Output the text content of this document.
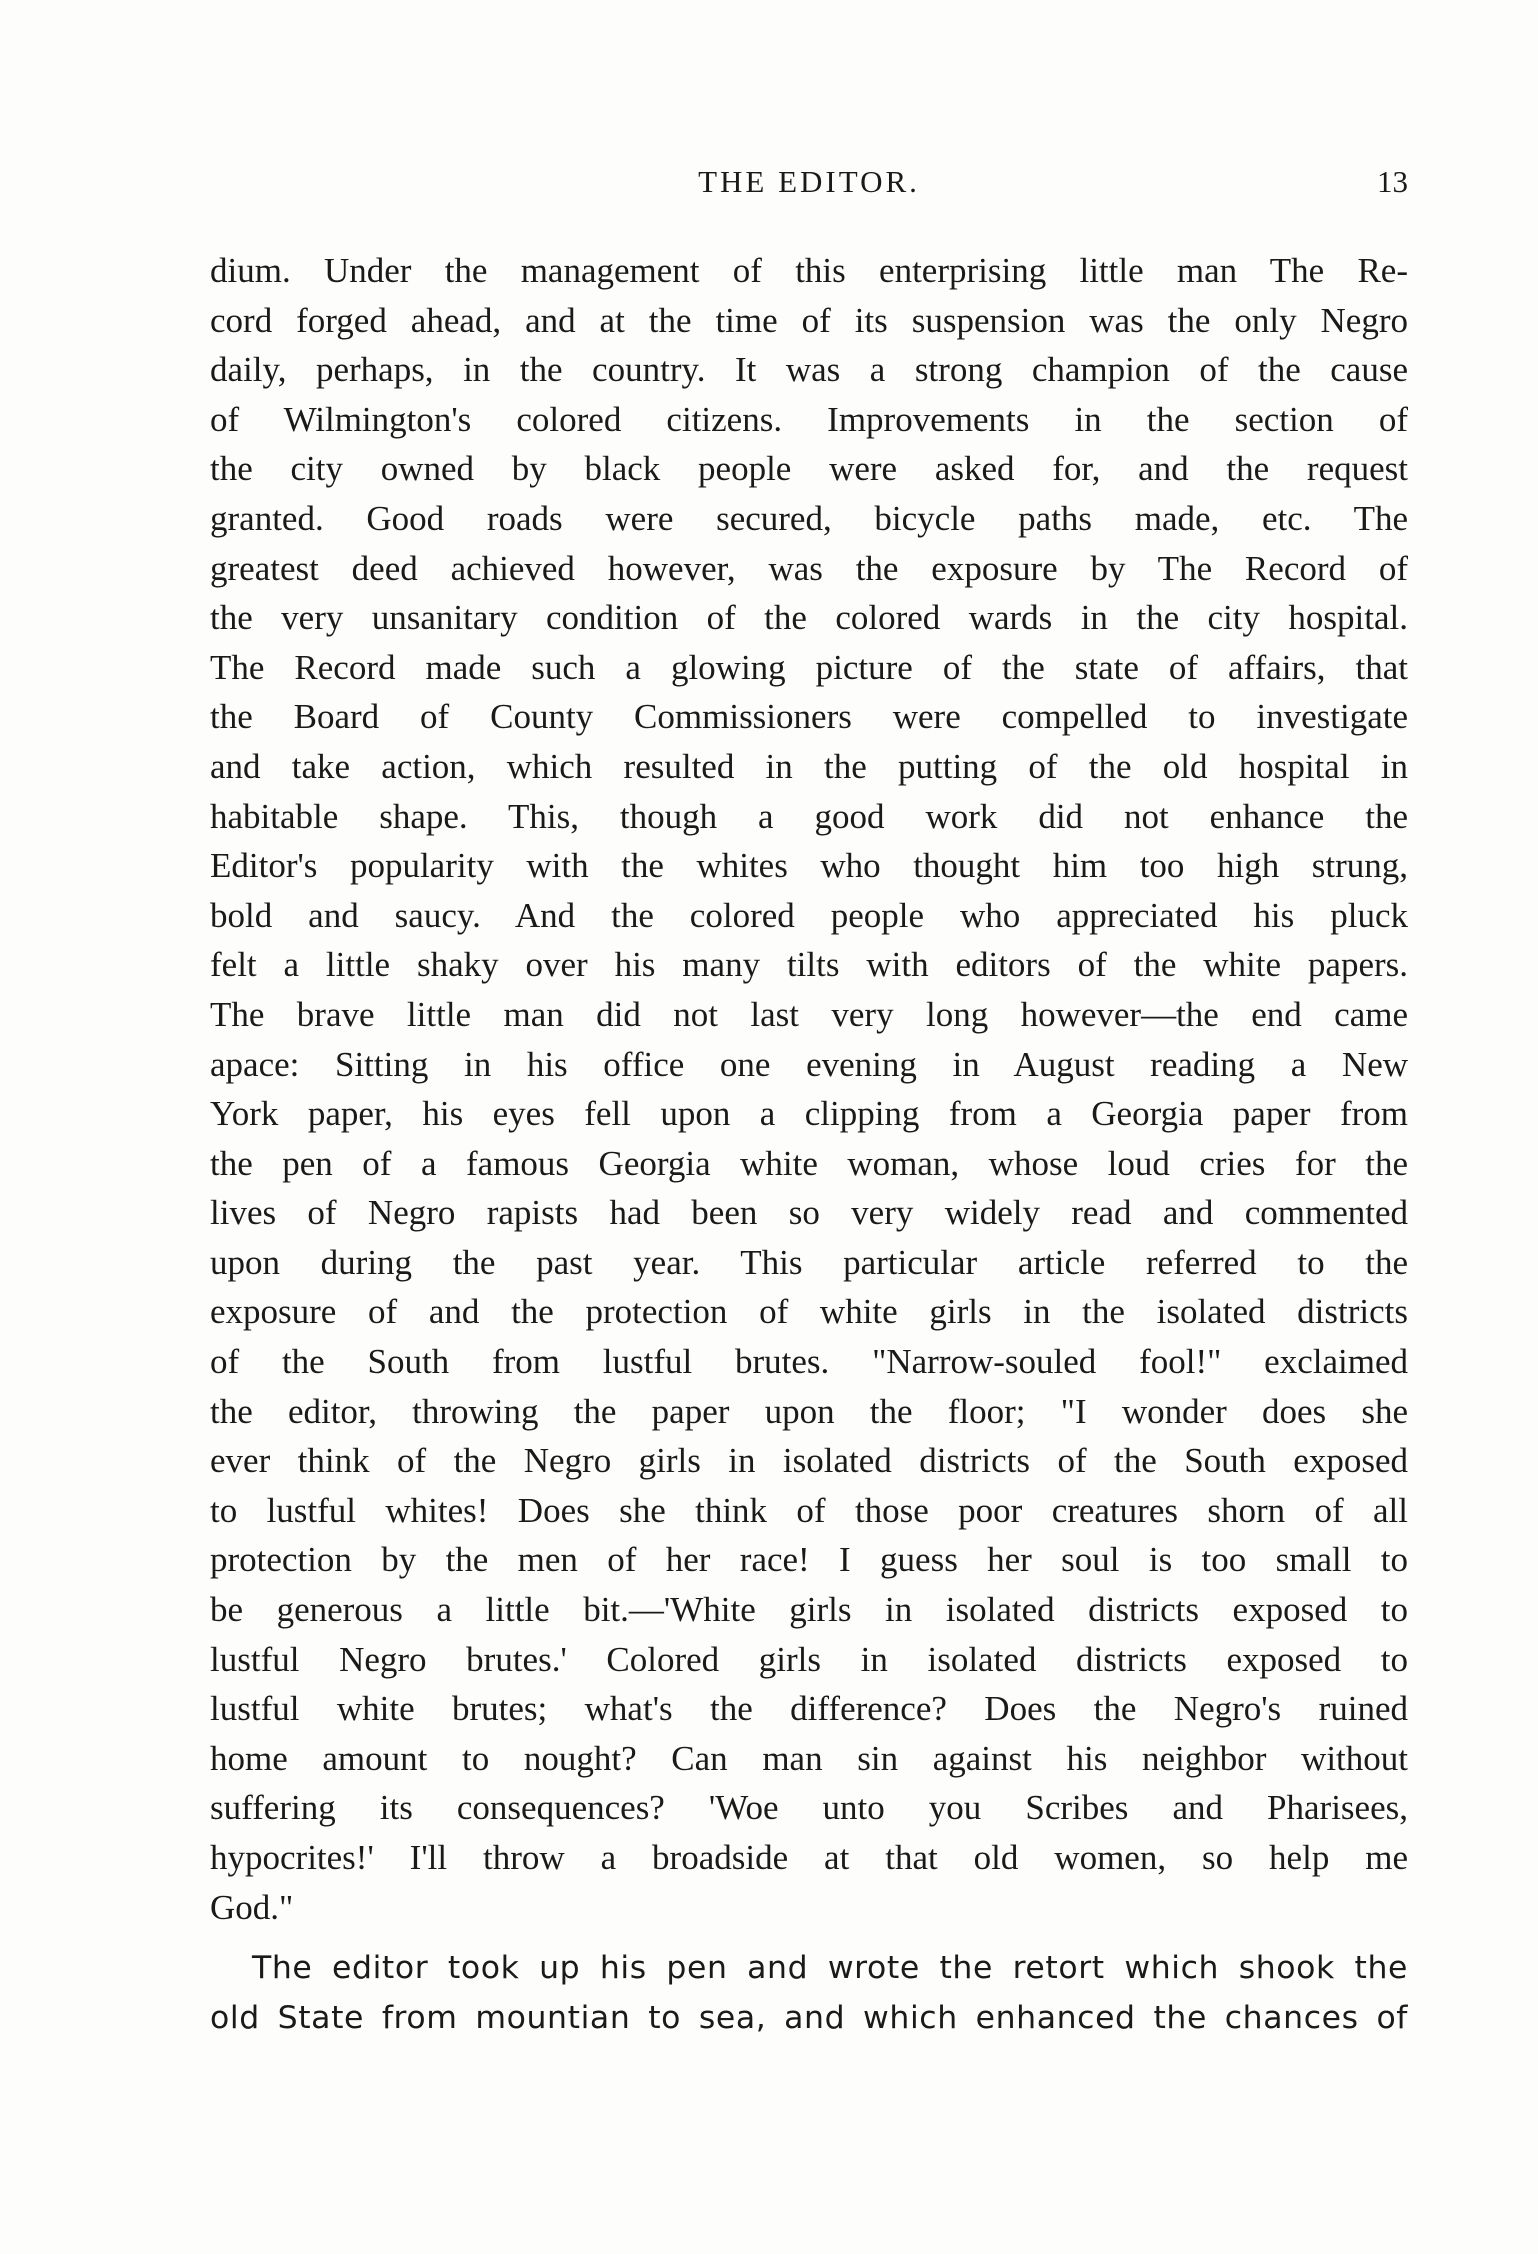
THE EDITOR.	13
dium. Under the management of this enterprising little man The Re-
cord forged ahead, and at the time of its suspension was the only Negro
daily, perhaps, in the country. It was a strong champion of the cause
of Wilmington's colored citizens. Improvements in the section of
the city owned by black people were asked for, and the request
granted. Good roads were secured, bicycle paths made, etc. The
greatest deed achieved however, was the exposure by The Record of
the very unsanitary condition of the colored wards in the city hospital.
The Record made such a glowing picture of the state of affairs, that
the Board of County Commissioners were compelled to investigate
and take action, which resulted in the putting of the old hospital in
habitable shape. This, though a good work did not enhance the
Editor's popularity with the whites who thought him too high strung,
bold and saucy. And the colored people who appreciated his pluck
felt a little shaky over his many tilts with editors of the white papers.
The brave little man did not last very long however—the end came
apace: Sitting in his office one evening in August reading a New
York paper, his eyes fell upon a clipping from a Georgia paper from
the pen of a famous Georgia white woman, whose loud cries for the
lives of Negro rapists had been so very widely read and commented
upon during the past year. This particular article referred to the
exposure of and the protection of white girls in the isolated districts
of the South from lustful brutes. "Narrow-souled fool!" exclaimed
the editor, throwing the paper upon the floor; "I wonder does she
ever think of the Negro girls in isolated districts of the South exposed
to lustful whites! Does she think of those poor creatures shorn of all
protection by the men of her race! I guess her soul is too small to
be generous a little bit.—'White girls in isolated districts exposed to
lustful Negro brutes.' Colored girls in isolated districts exposed to
lustful white brutes; what's the difference? Does the Negro's ruined
home amount to nought? Can man sin against his neighbor without
suffering its consequences? 'Woe unto you Scribes and Pharisees,
hypocrites!' I'll throw a broadside at that old women, so help me
God."
The editor took up his pen and wrote the retort which shook the
old State from mountian to sea, and which enhanced the chances of
